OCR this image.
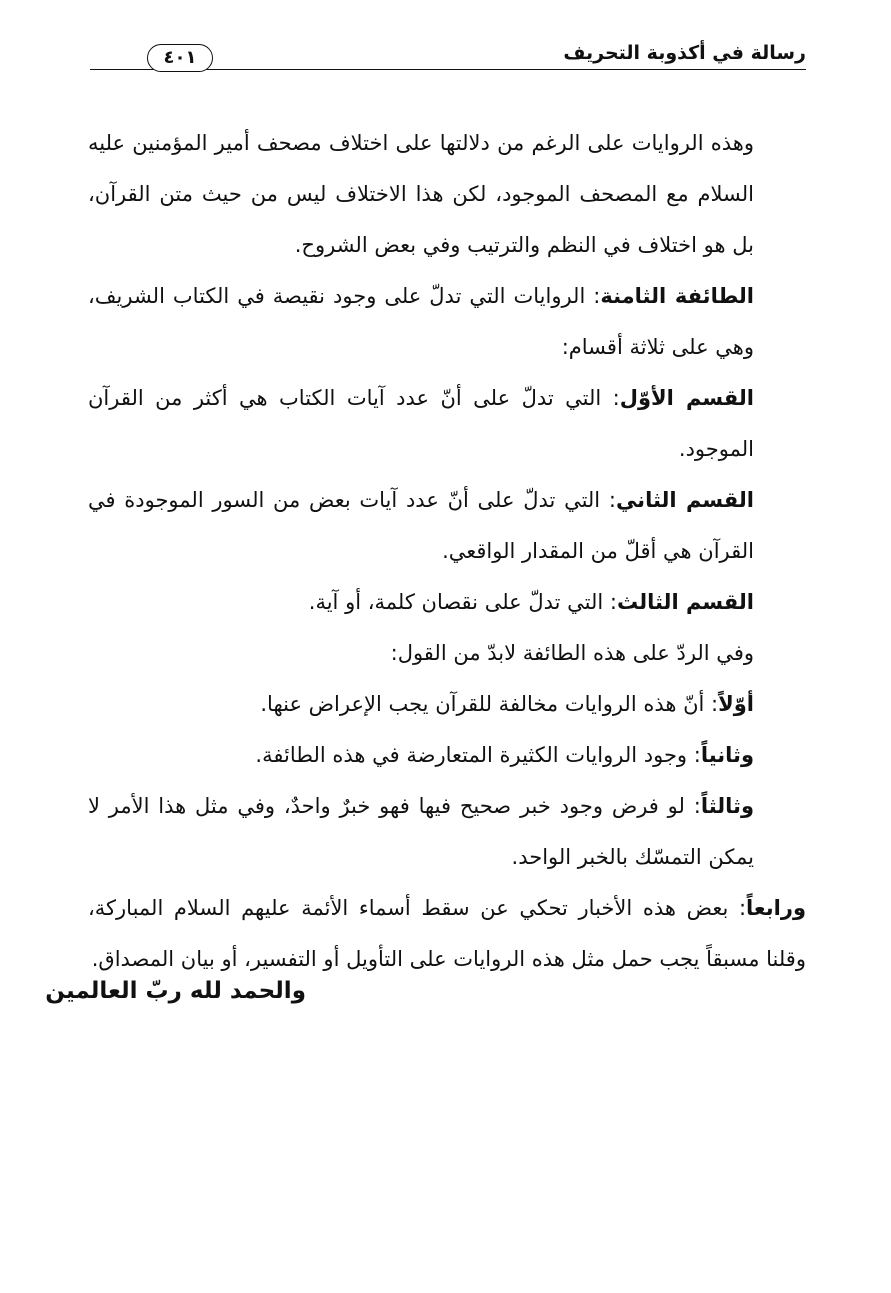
رسالة في أكذوبة التحريف
٤٠١

وهذه الروايات على الرغم من دلالتها على اختلاف مصحف أمير المؤمنين عليه السلام مع المصحف الموجود، لكن هذا الاختلاف ليس من حيث متن القرآن، بل هو اختلاف في النظم والترتيب وفي بعض الشروح.

الطائفة الثامنة: الروايات التي تدلّ على وجود نقيصة في الكتاب الشريف، وهي على ثلاثة أقسام:

القسم الأوّل: التي تدلّ على أنّ عدد آيات الكتاب هي أكثر من القرآن الموجود.

القسم الثاني: التي تدلّ على أنّ عدد آيات بعض من السور الموجودة في القرآن هي أقلّ من المقدار الواقعي.

القسم الثالث: التي تدلّ على نقصان كلمة، أو آية.

وفي الردّ على هذه الطائفة لابدّ من القول:

أوّلاً: أنّ هذه الروايات مخالفة للقرآن يجب الإعراض عنها.

وثانياً: وجود الروايات الكثيرة المتعارضة في هذه الطائفة.

وثالثاً: لو فرض وجود خبر صحيح فيها فهو خبرٌ واحدٌ، وفي مثل هذا الأمر لا يمكن التمسّك بالخبر الواحد.

ورابعاً: بعض هذه الأخبار تحكي عن سقط أسماء الأئمة عليهم السلام المباركة، وقلنا مسبقاً يجب حمل مثل هذه الروايات على التأويل أو التفسير، أو بيان المصداق.

والحمد لله ربّ العالمين
